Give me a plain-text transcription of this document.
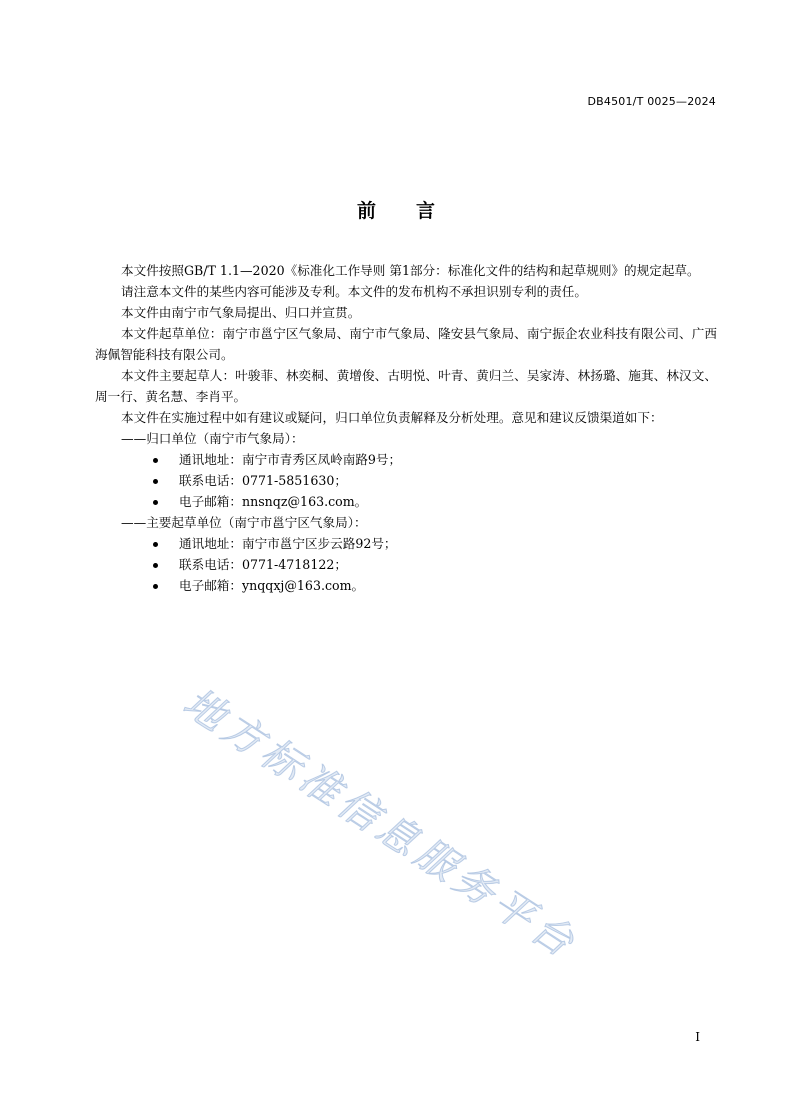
DB4501/T 0025—2024
前言

本文件按照GB/T 1.1—2020《标准化工作导则 第1部分：标准化文件的结构和起草规则》的规定起草。

请注意本文件的某些内容可能涉及专利。本文件的发布机构不承担识别专利的责任。

本文件由南宁市气象局提出、归口并宣贯。

本文件起草单位：南宁市邕宁区气象局、南宁市气象局、隆安县气象局、南宁振企农业科技有限公司、广西海佩智能科技有限公司。

本文件主要起草人：叶骏菲、林奕桐、黄增俊、古明悦、叶青、黄归兰、吴家涛、林扬璐、施萁、林汉文、周一行、黄名慧、李肖平。

本文件在实施过程中如有建议或疑问，归口单位负责解释及分析处理。意见和建议反馈渠道如下：

——归口单位（南宁市气象局）：

通讯地址：南宁市青秀区凤岭南路9号；

联系电话：0771-5851630；

电子邮箱：nnsnqz@163.com。

——主要起草单位（南宁市邕宁区气象局）：

通讯地址：南宁市邕宁区步云路92号；

联系电话：0771-4718122；

电子邮箱：ynqqxj@163.com。

地方标准信息服务平台
I
